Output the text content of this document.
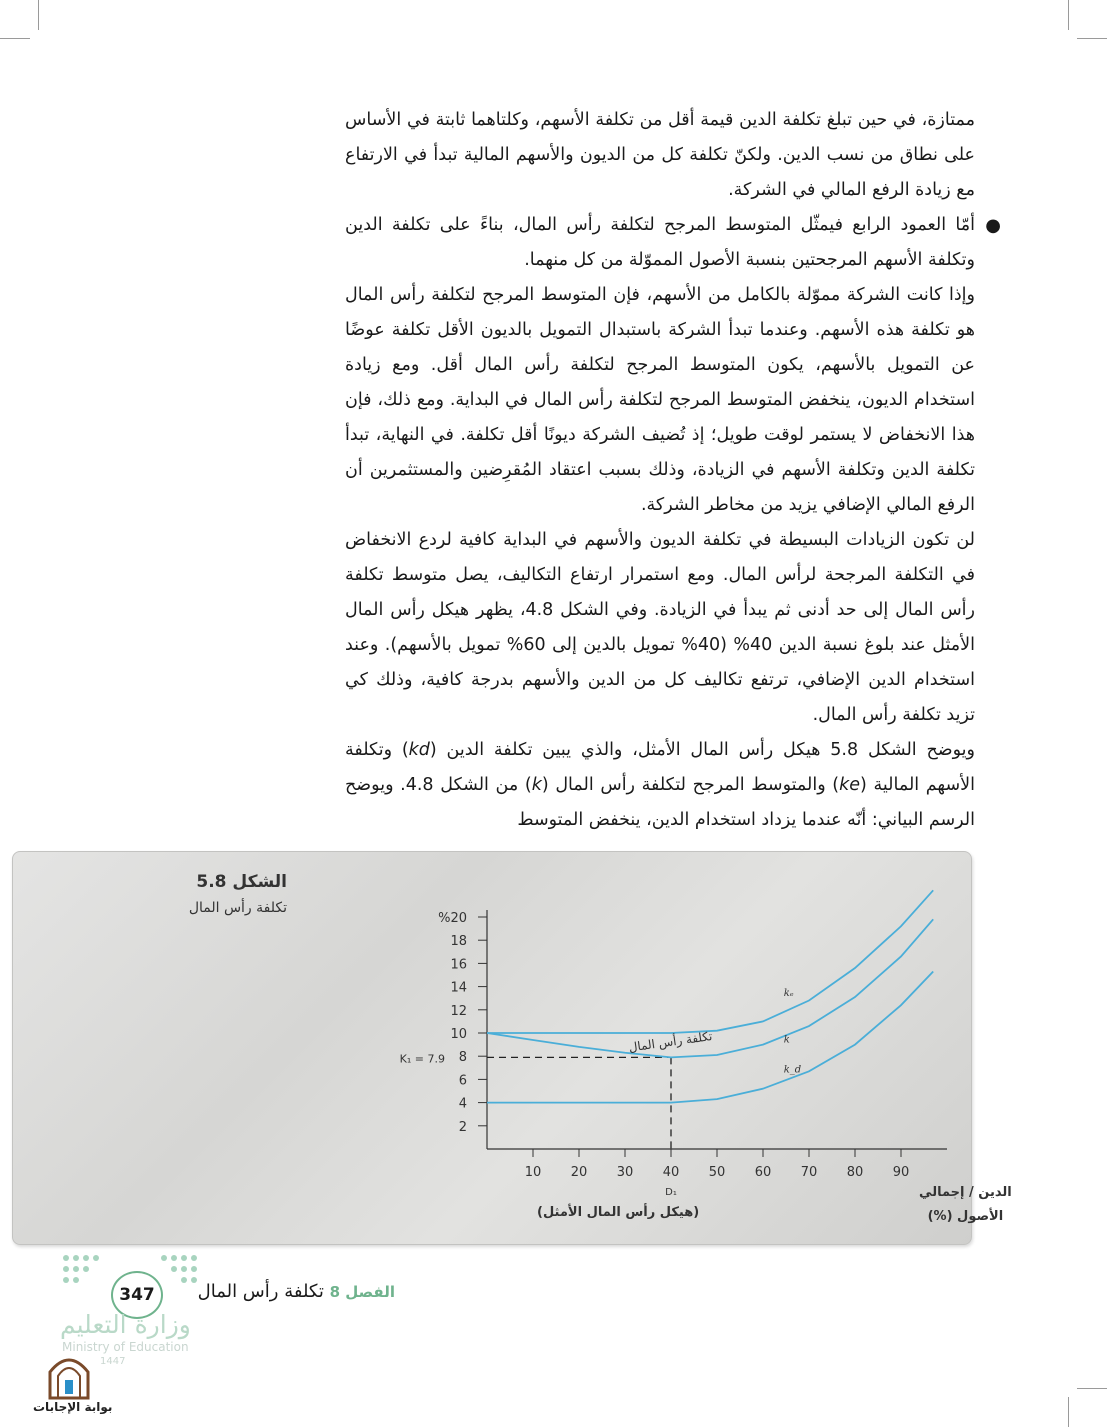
ممتازة، في حين تبلغ تكلفة الدين قيمة أقل من تكلفة الأسهم، وكلتاهما ثابتة في الأساس على نطاق من نسب الدين. ولكنّ تكلفة كل من الديون والأسهم المالية تبدأ في الارتفاع مع زيادة الرفع المالي في الشركة.

●
أمّا العمود الرابع فيمثّل المتوسط المرجح لتكلفة رأس المال، بناءً على تكلفة الدين وتكلفة الأسهم المرجحتين بنسبة الأصول المموّلة من كل منهما.

وإذا كانت الشركة مموّلة بالكامل من الأسهم، فإن المتوسط المرجح لتكلفة رأس المال هو تكلفة هذه الأسهم. وعندما تبدأ الشركة باستبدال التمويل بالديون الأقل تكلفة عوضًا عن التمويل بالأسهم، يكون المتوسط المرجح لتكلفة رأس المال أقل. ومع زيادة استخدام الديون، ينخفض المتوسط المرجح لتكلفة رأس المال في البداية. ومع ذلك، فإن هذا الانخفاض لا يستمر لوقت طويل؛ إذ تُضيف الشركة ديونًا أقل تكلفة. في النهاية، تبدأ تكلفة الدين وتكلفة الأسهم في الزيادة، وذلك بسبب اعتقاد المُقرِضين والمستثمرين أن الرفع المالي الإضافي يزيد من مخاطر الشركة.

لن تكون الزيادات البسيطة في تكلفة الديون والأسهم في البداية كافية لردع الانخفاض في التكلفة المرجحة لرأس المال. ومع استمرار ارتفاع التكاليف، يصل متوسط تكلفة رأس المال إلى حد أدنى ثم يبدأ في الزيادة. وفي الشكل 4.8، يظهر هيكل رأس المال الأمثل عند بلوغ نسبة الدين 40% (40% تمويل بالدين إلى 60% تمويل بالأسهم). وعند استخدام الدين الإضافي، ترتفع تكاليف كل من الدين والأسهم بدرجة كافية، وذلك كي تزيد تكلفة رأس المال.

ويوضح الشكل 5.8 هيكل رأس المال الأمثل، والذي يبين تكلفة الدين (kd) وتكلفة الأسهم المالية (ke) والمتوسط المرجح لتكلفة رأس المال (k) من الشكل 4.8. ويوضح الرسم البياني: أنّه عندما يزداد استخدام الدين، ينخفض المتوسط

الشكل 5.8
تكلفة رأس المال
%20
18
16
14
12
10
8
6
4
2
10 20 30 40 50 60 70 80 90
kₑ
k
k_d
تكلفة رأس المال
K₁ = 7.9
D₁
(هيكل رأس المال الأمثل)
الدين / إجمالي
الأصول (%)
347	الفصل 8 تكلفة رأس المال
وزارة التعليم
Ministry of Education
1447
بوابة الإجابات
